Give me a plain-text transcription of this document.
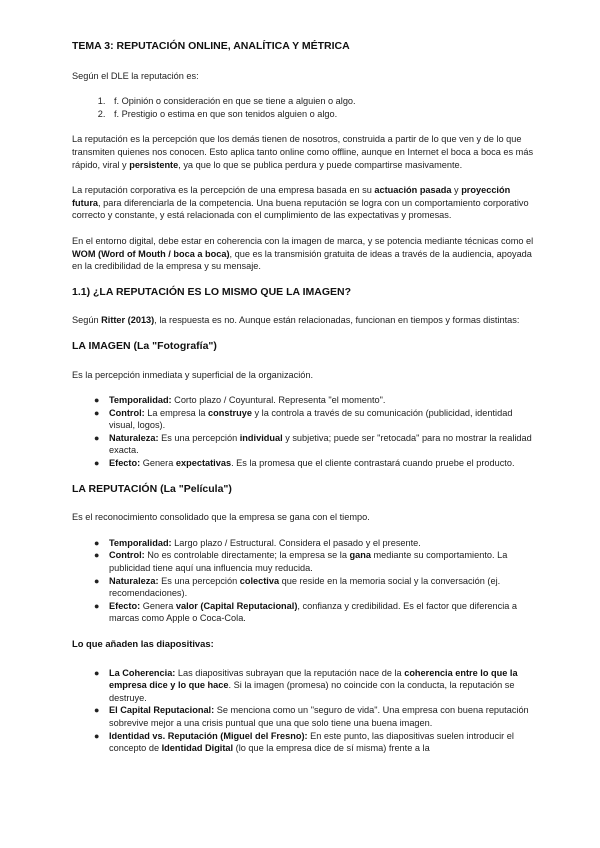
TEMA 3: REPUTACIÓN ONLINE, ANALÍTICA Y MÉTRICA

Según el DLE la reputación es:

1. f. Opinión o consideración en que se tiene a alguien o algo.
2. f. Prestigio o estima en que son tenidos alguien o algo.

La reputación es la percepción que los demás tienen de nosotros, construida a partir de lo que ven y de lo que transmiten quienes nos conocen. Esto aplica tanto online como offline, aunque en Internet el boca a boca es más rápido, viral y persistente, ya que lo que se publica perdura y puede compartirse masivamente.

La reputación corporativa es la percepción de una empresa basada en su actuación pasada y proyección futura, para diferenciarla de la competencia. Una buena reputación se logra con un comportamiento corporativo correcto y constante, y está relacionada con el cumplimiento de las expectativas y promesas.

En el entorno digital, debe estar en coherencia con la imagen de marca, y se potencia mediante técnicas como el WOM (Word of Mouth / boca a boca), que es la transmisión gratuita de ideas a través de la audiencia, apoyada en la credibilidad de la empresa y su mensaje.

1.1) ¿LA REPUTACIÓN ES LO MISMO QUE LA IMAGEN?

Según Ritter (2013), la respuesta es no. Aunque están relacionadas, funcionan en tiempos y formas distintas:

LA IMAGEN (La "Fotografía")

Es la percepción inmediata y superficial de la organización.

● Temporalidad: Corto plazo / Coyuntural. Representa "el momento".
● Control: La empresa la construye y la controla a través de su comunicación (publicidad, identidad visual, logos).
● Naturaleza: Es una percepción individual y subjetiva; puede ser "retocada" para no mostrar la realidad exacta.
● Efecto: Genera expectativas. Es la promesa que el cliente contrastará cuando pruebe el producto.
LA REPUTACIÓN (La "Película")

Es el reconocimiento consolidado que la empresa se gana con el tiempo.

● Temporalidad: Largo plazo / Estructural. Considera el pasado y el presente.
● Control: No es controlable directamente; la empresa se la gana mediante su comportamiento. La publicidad tiene aquí una influencia muy reducida.
● Naturaleza: Es una percepción colectiva que reside en la memoria social y la conversación (ej. recomendaciones).
● Efecto: Genera valor (Capital Reputacional), confianza y credibilidad. Es el factor que diferencia a marcas como Apple o Coca-Cola.
Lo que añaden las diapositivas:
● La Coherencia: Las diapositivas subrayan que la reputación nace de la coherencia entre lo que la empresa dice y lo que hace. Si la imagen (promesa) no coincide con la conducta, la reputación se destruye.
● El Capital Reputacional: Se menciona como un "seguro de vida". Una empresa con buena reputación sobrevive mejor a una crisis puntual que una que solo tiene una buena imagen.
● Identidad vs. Reputación (Miguel del Fresno): En este punto, las diapositivas suelen introducir el concepto de Identidad Digital (lo que la empresa dice de sí misma) frente a la
